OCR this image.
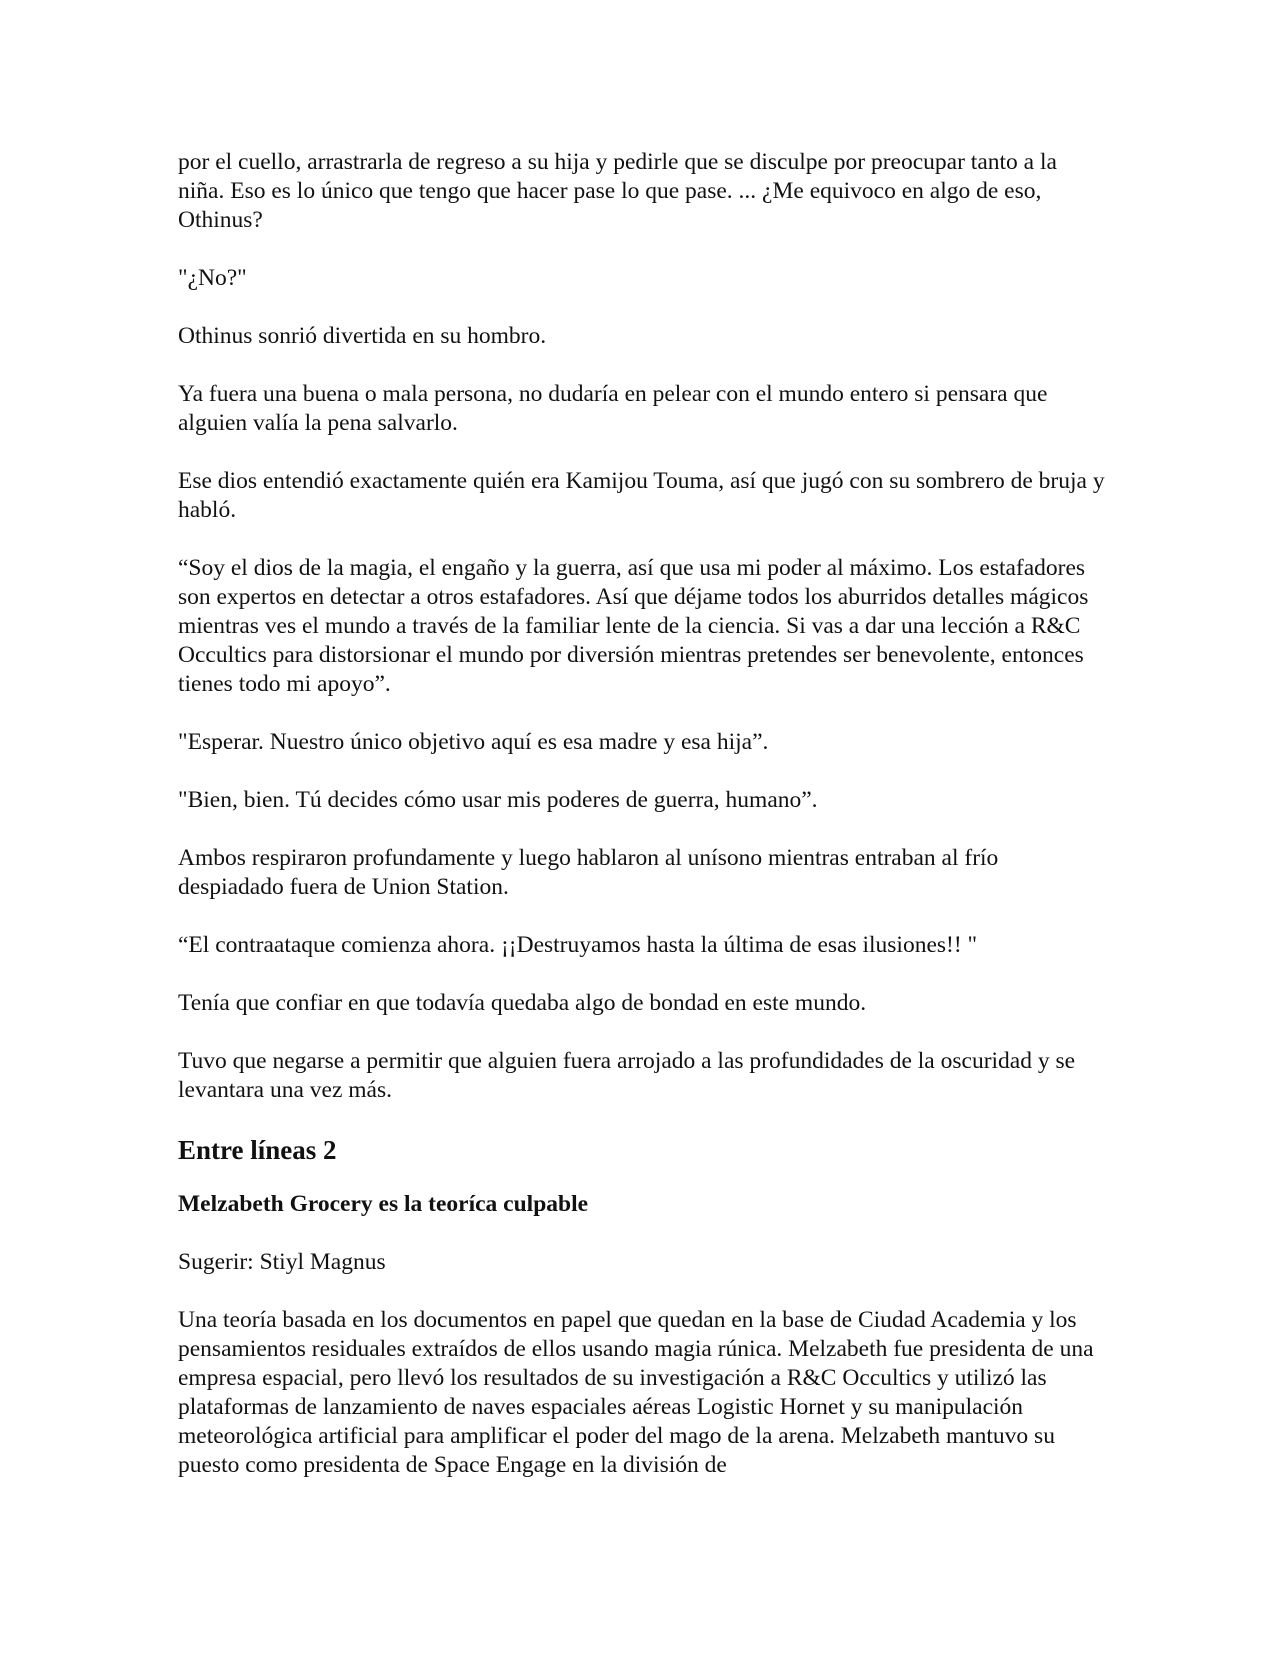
por el cuello, arrastrarla de regreso a su hija y pedirle que se disculpe por preocupar tanto a la niña. Eso es lo único que tengo que hacer pase lo que pase. ... ¿Me equivoco en algo de eso, Othinus?

"¿No?"

Othinus sonrió divertida en su hombro.

Ya fuera una buena o mala persona, no dudaría en pelear con el mundo entero si pensara que alguien valía la pena salvarlo.

Ese dios entendió exactamente quién era Kamijou Touma, así que jugó con su sombrero de bruja y habló.

“Soy el dios de la magia, el engaño y la guerra, así que usa mi poder al máximo. Los estafadores son expertos en detectar a otros estafadores. Así que déjame todos los aburridos detalles mágicos mientras ves el mundo a través de la familiar lente de la ciencia. Si vas a dar una lección a R&C Occultics para distorsionar el mundo por diversión mientras pretendes ser benevolente, entonces tienes todo mi apoyo”.

"Esperar. Nuestro único objetivo aquí es esa madre y esa hija”.

"Bien, bien. Tú decides cómo usar mis poderes de guerra, humano”.

Ambos respiraron profundamente y luego hablaron al unísono mientras entraban al frío despiadado fuera de Union Station.

“El contraataque comienza ahora. ¡¡Destruyamos hasta la última de esas ilusiones!! "

Tenía que confiar en que todavía quedaba algo de bondad en este mundo.

Tuvo que negarse a permitir que alguien fuera arrojado a las profundidades de la oscuridad y se levantara una vez más.

Entre líneas 2
Melzabeth Grocery es la teoríca culpable

Sugerir: Stiyl Magnus

Una teoría basada en los documentos en papel que quedan en la base de Ciudad Academia y los pensamientos residuales extraídos de ellos usando magia rúnica. Melzabeth fue presidenta de una empresa espacial, pero llevó los resultados de su investigación a R&C Occultics y utilizó las plataformas de lanzamiento de naves espaciales aéreas Logistic Hornet y su manipulación meteorológica artificial para amplificar el poder del mago de la arena. Melzabeth mantuvo su puesto como presidenta de Space Engage en la división de
